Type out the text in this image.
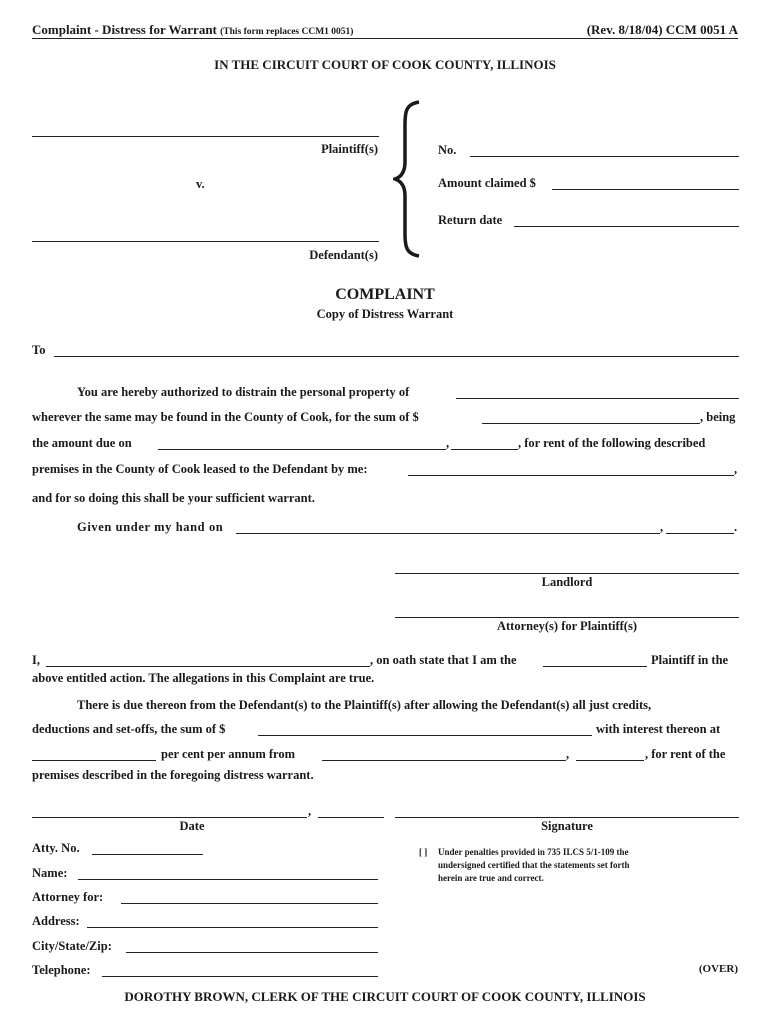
Complaint - Distress for Warrant (This form replaces CCM1 0051)	(Rev. 8/18/04) CCM 0051 A
IN THE CIRCUIT COURT OF COOK COUNTY, ILLINOIS
Plaintiff(s)
v.
Defendant(s)
No.
Amount claimed $
Return date
COMPLAINT
Copy of Distress Warrant
To
You are hereby authorized to distrain the personal property of
wherever the same may be found in the County of Cook, for the sum of $	, being
the amount due on	,	, for rent of the following described
premises in the County of Cook leased to the Defendant by me:	,
and for so doing this shall be your sufficient warrant.
Given under my hand on	,	.
Landlord
Attorney(s) for Plaintiff(s)
I,	, on oath state that I am the	Plaintiff in the
above entitled action. The allegations in this Complaint are true.
There is due thereon from the Defendant(s) to the Plaintiff(s) after allowing the Defendant(s) all just credits,
deductions and set-offs, the sum of $	with interest thereon at
per cent per annum from	,	, for rent of the
premises described in the foregoing distress warrant.
,
Date	Signature
Atty. No.
Name:
Attorney for:
Address:
City/State/Zip:
Telephone:
[ ] Under penalties provided in 735 ILCS 5/1-109 the
undersigned certified that the statements set forth
herein are true and correct.
(OVER)
DOROTHY BROWN, CLERK OF THE CIRCUIT COURT OF COOK COUNTY, ILLINOIS
